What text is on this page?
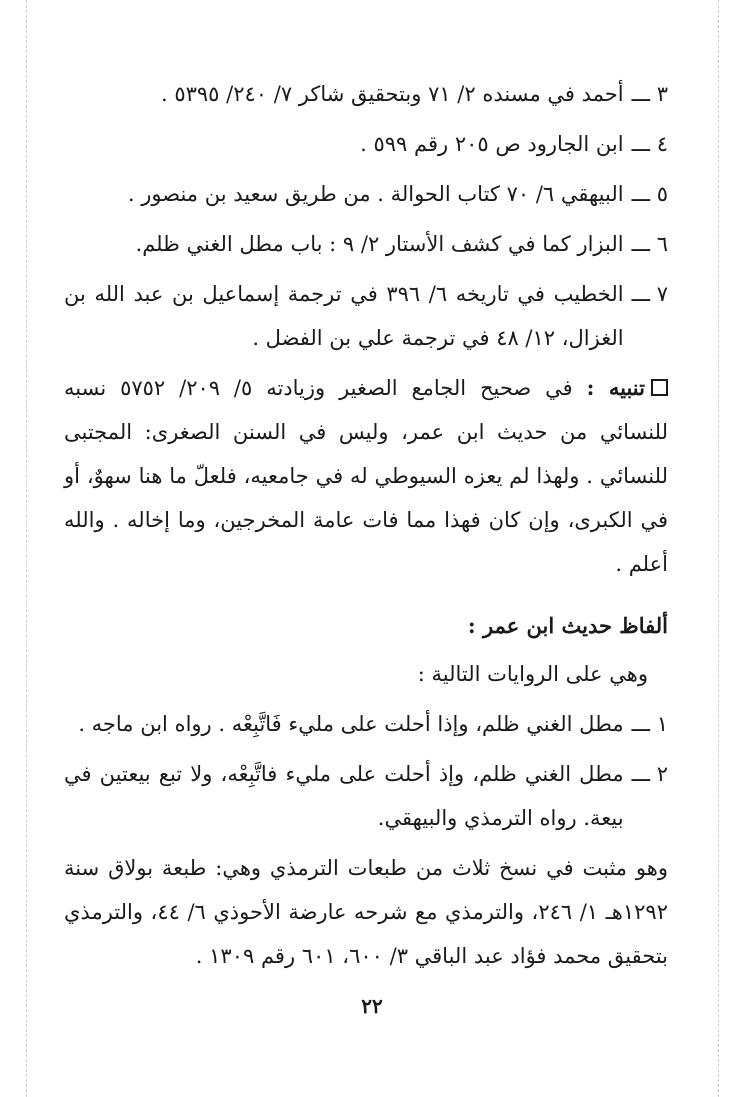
٣ ـــ
أحمد في مسنده ٢/ ٧١ وبتحقيق شاكر ٧/ ٢٤٠/ ٥٣٩٥ .
٤ ـــ
ابن الجارود ص ٢٠٥ رقم ٥٩٩ .
٥ ـــ
البيهقي ٦/ ٧٠ كتاب الحوالة . من طريق سعيد بن منصور .
٦ ـــ
البزار كما في كشف الأستار ٢/ ٩ : باب مطل الغني ظلم.
٧ ـــ
الخطيب في تاريخه ٦/ ٣٩٦ في ترجمة إسماعيل بن عبد الله بن الغزال، ١٢/ ٤٨ في ترجمة علي بن الفضل .
تنبيه : في صحيح الجامع الصغير وزيادته ٥/ ٢٠٩/ ٥٧٥٢ نسبه للنسائي من حديث ابن عمر، وليس في السنن الصغرى: المجتبى للنسائي . ولهذا لم يعزه السيوطي له في جامعيه، فلعلّ ما هنا سهوٌ، أو في الكبرى، وإن كان فهذا مما فات عامة المخرجين، وما إخاله . والله أعلم .
ألفاظ حديث ابن عمر :
وهي على الروايات التالية :
١ ـــ
مطل الغني ظلم، وإذا أحلت على مليء فَاتَّبِعْه . رواه ابن ماجه .
٢ ـــ
مطل الغني ظلم، وإذ أحلت على مليء فاتَّبِعْه، ولا تبع بيعتين في بيعة. رواه الترمذي والبيهقي.
وهو مثبت في نسخ ثلاث من طبعات الترمذي وهي: طبعة بولاق سنة ١٢٩٢هـ ١/ ٢٤٦، والترمذي مع شرحه عارضة الأحوذي ٦/ ٤٤، والترمذي بتحقيق محمد فؤاد عبد الباقي ٣/ ٦٠٠، ٦٠١ رقم ١٣٠٩ .
٢٢
